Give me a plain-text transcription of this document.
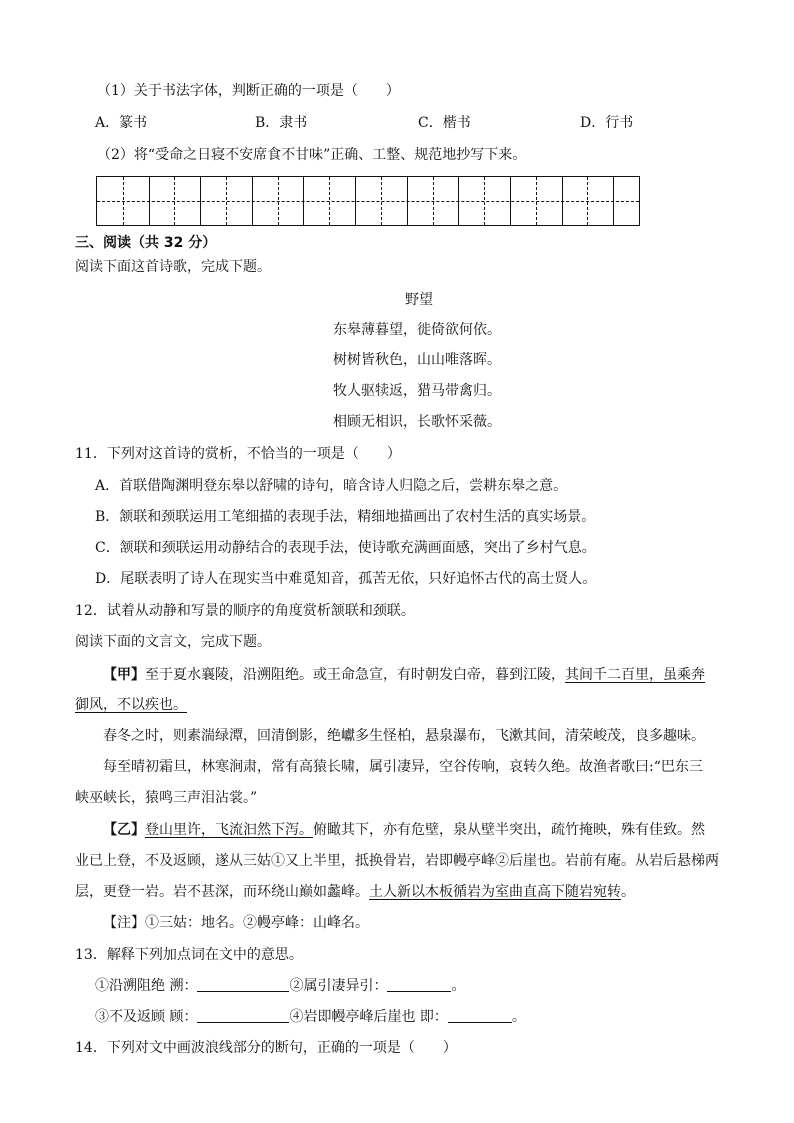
（1）关于书法字体，判断正确的一项是（　　）
A．篆书	B．隶书	C．楷书	D．行书
（2）将“受命之日寝不安席食不甘味”正确、工整、规范地抄写下来。
三、阅读（共 32 分）
阅读下面这首诗歌，完成下题。
野望
东皋薄暮望，徙倚欲何依。
树树皆秋色，山山唯落晖。
牧人驱犊返，猎马带禽归。
相顾无相识，长歌怀采薇。
11．下列对这首诗的赏析，不恰当的一项是（　　）
A．首联借陶渊明登东皋以舒啸的诗句，暗含诗人归隐之后，尝耕东皋之意。
B．颔联和颈联运用工笔细描的表现手法，精细地描画出了农村生活的真实场景。
C．颔联和颈联运用动静结合的表现手法，使诗歌充满画面感，突出了乡村气息。
D．尾联表明了诗人在现实当中难觅知音，孤苦无依，只好追怀古代的高士贤人。
12．试着从动静和写景的顺序的角度赏析颔联和颈联。
阅读下面的文言文，完成下题。
【甲】至于夏水襄陵，沿溯阻绝。或王命急宣，有时朝发白帝，暮到江陵，其间千二百里，虽乘奔
御风，不以疾也。
春冬之时，则素湍绿潭，回清倒影，绝巘多生怪柏，悬泉瀑布，飞漱其间，清荣峻茂，良多趣味。
每至晴初霜旦，林寒涧肃，常有高猿长啸，属引凄异，空谷传响，哀转久绝。故渔者歌曰:“巴东三
峡巫峡长，猿鸣三声泪沾裳。”
【乙】登山里许，飞流汩然下泻。俯瞰其下，亦有危壁，泉从壁半突出，疏竹掩映，殊有佳致。然
业已上登，不及返顾，遂从三姑①又上半里，抵换骨岩，岩即幔亭峰②后崖也。岩前有庵。从岩后悬梯两
层，更登一岩。岩不甚深，而环绕山巅如蠡峰。土人新以木板循岩为室曲直高下随岩宛转。
【注】①三姑：地名。②幔亭峰：山峰名。
13．解释下列加点词在文中的意思。
①沿溯阻绝 溯：	②属引凄异引：	。
③不及返顾 顾：	④岩即幔亭峰后崖也 即：	。
14．下列对文中画波浪线部分的断句，正确的一项是（　　）
